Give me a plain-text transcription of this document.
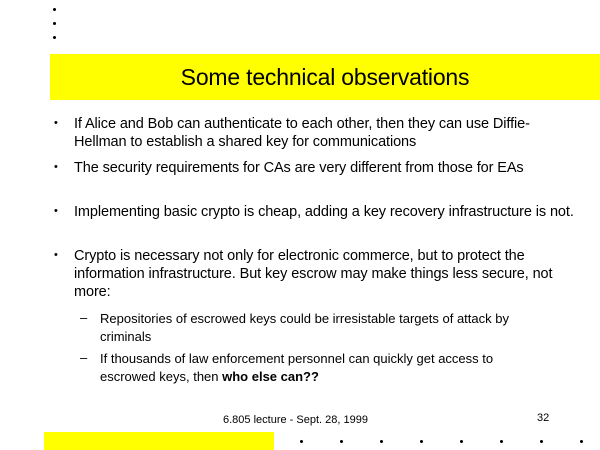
Some technical observations
• If Alice and Bob can authenticate to each other, then they can use Diffie-Hellman to establish a shared key for communications
• The security requirements for CAs are very different from those for EAs
• Implementing basic crypto is cheap, adding a key recovery infrastructure is not.
• Crypto is necessary not only for electronic commerce, but to protect the information infrastructure. But key escrow may make things less secure, not more:
– Repositories of escrowed keys could be irresistable targets of attack by criminals
– If thousands of law enforcement personnel can quickly get access to escrowed keys, then who else can??
6.805 lecture - Sept. 28, 1999	32
